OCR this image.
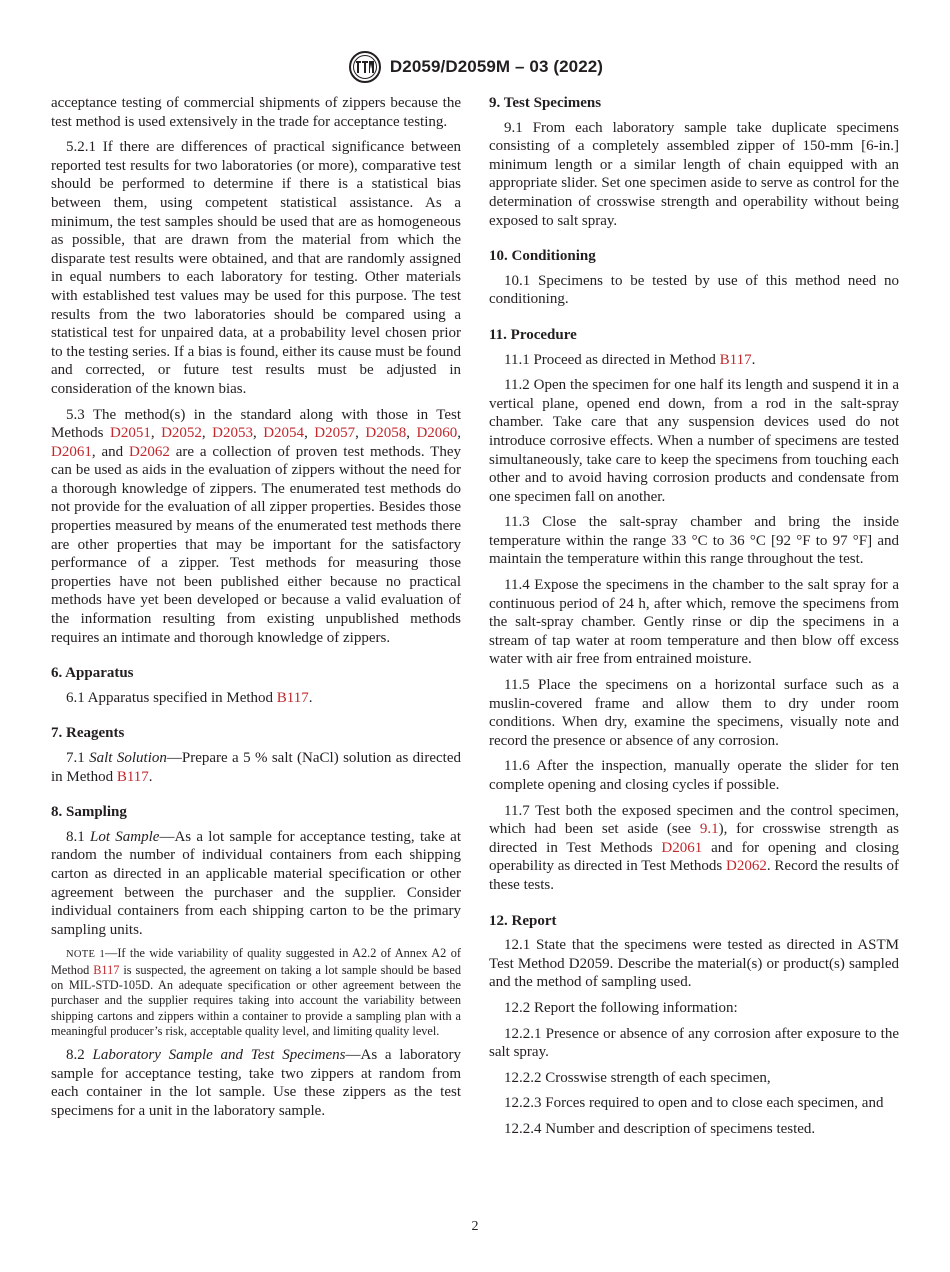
D2059/D2059M – 03 (2022)

acceptance testing of commercial shipments of zippers because the test method is used extensively in the trade for acceptance testing.

5.2.1 If there are differences of practical significance between reported test results for two laboratories (or more), comparative test should be performed to determine if there is a statistical bias between them, using competent statistical assistance. As a minimum, the test samples should be used that are as homogeneous as possible, that are drawn from the material from which the disparate test results were obtained, and that are randomly assigned in equal numbers to each laboratory for testing. Other materials with established test values may be used for this purpose. The test results from the two laboratories should be compared using a statistical test for unpaired data, at a probability level chosen prior to the testing series. If a bias is found, either its cause must be found and corrected, or future test results must be adjusted in consideration of the known bias.

5.3 The method(s) in the standard along with those in Test Methods D2051, D2052, D2053, D2054, D2057, D2058, D2060, D2061, and D2062 are a collection of proven test methods. They can be used as aids in the evaluation of zippers without the need for a thorough knowledge of zippers. The enumerated test methods do not provide for the evaluation of all zipper properties. Besides those properties measured by means of the enumerated test methods there are other properties that may be important for the satisfactory performance of a zipper. Test methods for measuring those properties have not been published either because no practical methods have yet been developed or because a valid evaluation of the information resulting from existing unpublished methods requires an intimate and thorough knowledge of zippers.

6. Apparatus

6.1 Apparatus specified in Method B117.

7. Reagents

7.1 Salt Solution—Prepare a 5 % salt (NaCl) solution as directed in Method B117.

8. Sampling

8.1 Lot Sample—As a lot sample for acceptance testing, take at random the number of individual containers from each shipping carton as directed in an applicable material specification or other agreement between the purchaser and the supplier. Consider individual containers from each shipping carton to be the primary sampling units.

NOTE 1—If the wide variability of quality suggested in A2.2 of Annex A2 of Method B117 is suspected, the agreement on taking a lot sample should be based on MIL-STD-105D. An adequate specification or other agreement between the purchaser and the supplier requires taking into account the variability between shipping cartons and zippers within a container to provide a sampling plan with a meaningful producer’s risk, acceptable quality level, and limiting quality level.

8.2 Laboratory Sample and Test Specimens—As a laboratory sample for acceptance testing, take two zippers at random from each container in the lot sample. Use these zippers as the test specimens for a unit in the laboratory sample.

9. Test Specimens

9.1 From each laboratory sample take duplicate specimens consisting of a completely assembled zipper of 150-mm [6-in.] minimum length or a similar length of chain equipped with an appropriate slider. Set one specimen aside to serve as control for the determination of crosswise strength and operability without being exposed to salt spray.

10. Conditioning

10.1 Specimens to be tested by use of this method need no conditioning.

11. Procedure

11.1 Proceed as directed in Method B117.

11.2 Open the specimen for one half its length and suspend it in a vertical plane, opened end down, from a rod in the salt-spray chamber. Take care that any suspension devices used do not introduce corrosive effects. When a number of specimens are tested simultaneously, take care to keep the specimens from touching each other and to avoid having corrosion products and condensate from one specimen fall on another.

11.3 Close the salt-spray chamber and bring the inside temperature within the range 33 °C to 36 °C [92 °F to 97 °F] and maintain the temperature within this range throughout the test.

11.4 Expose the specimens in the chamber to the salt spray for a continuous period of 24 h, after which, remove the specimens from the salt-spray chamber. Gently rinse or dip the specimens in a stream of tap water at room temperature and then blow off excess water with air free from entrained moisture.

11.5 Place the specimens on a horizontal surface such as a muslin-covered frame and allow them to dry under room conditions. When dry, examine the specimens, visually note and record the presence or absence of any corrosion.

11.6 After the inspection, manually operate the slider for ten complete opening and closing cycles if possible.

11.7 Test both the exposed specimen and the control specimen, which had been set aside (see 9.1), for crosswise strength as directed in Test Methods D2061 and for opening and closing operability as directed in Test Methods D2062. Record the results of these tests.

12. Report

12.1 State that the specimens were tested as directed in ASTM Test Method D2059. Describe the material(s) or product(s) sampled and the method of sampling used.

12.2 Report the following information:

12.2.1 Presence or absence of any corrosion after exposure to the salt spray.

12.2.2 Crosswise strength of each specimen,

12.2.3 Forces required to open and to close each specimen, and

12.2.4 Number and description of specimens tested.

2
